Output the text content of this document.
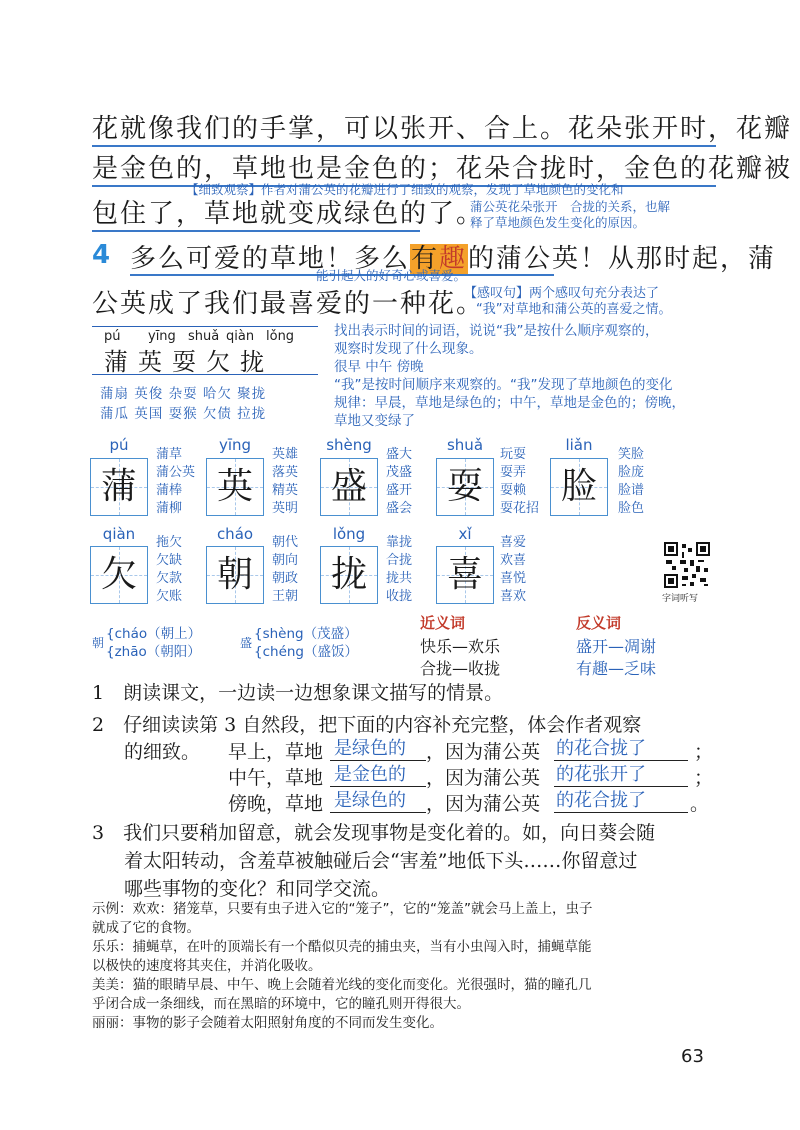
花就像我们的手掌，可以张开、合上。花朵张开时，花瓣
是金色的，草地也是金色的；花朵合拢时，金色的花瓣被
包住了，草地就变成绿色的了。
【细致观察】作者对蒲公英的花瓣进行了细致的观察，发现了草地颜色的变化和
蒲公英花朵张开　合拢的关系，也解
释了草地颜色发生变化的原因。
4 多么可爱的草地！多么有趣的蒲公英！从那时起，蒲
能引起人的好奇心或喜爱。
公英成了我们最喜爱的一种花。
【感叹句】两个感叹句充分表达了
“我”对草地和蒲公英的喜爱之情。
pú yīng shuǎ qiàn lǒng
蒲英耍欠拢
蒲扇 英俊 杂耍 哈欠 聚拢
蒲瓜 英国 耍猴 欠债 拉拢
找出表示时间的词语，说说“我”是按什么顺序观察的，
观察时发现了什么现象。
很早 中午 傍晚
“我”是按时间顺序来观察的。“我”发现了草地颜色的变化
规律：早晨，草地是绿色的；中午，草地是金色的；傍晚，
草地又变绿了
pú
蒲
蒲草
蒲公英
蒲棒
蒲柳
yīng
英
英雄
落英
精英
英明
shèng
盛
盛大
茂盛
盛开
盛会
shuǎ
耍
玩耍
耍弄
耍赖
耍花招
liǎn
脸
笑脸
脸庞
脸谱
脸色
qiàn
欠
拖欠
欠缺
欠款
欠账
cháo
朝
朝代
朝向
朝政
王朝
lǒng
拢
靠拢
合拢
拢共
收拢
xǐ
喜
喜爱
欢喜
喜悦
喜欢	字词听写
朝
{cháo（朝上）
{zhāo（朝阳）
盛
{shèng（茂盛）
{chéng（盛饭）
近义词
快乐—欢乐
合拢—收拢
反义词
盛开—凋谢
有趣—乏味
1　朗读课文，一边读一边想象课文描写的情景。
2　仔细读读第 3 自然段，把下面的内容补充完整，体会作者观察
的细致。 早上，草地 是绿色的 ，因为蒲公英 的花合拢了	；
中午，草地 是金色的 ，因为蒲公英 的花张开了	；
傍晚，草地 是绿色的 ，因为蒲公英 的花合拢了 。
3　我们只要稍加留意，就会发现事物是变化着的。如，向日葵会随
着太阳转动，含羞草被触碰后会“害羞”地低下头……你留意过
哪些事物的变化？和同学交流。
示例：欢欢：猪笼草，只要有虫子进入它的“笼子”，它的“笼盖”就会马上盖上，虫子
就成了它的食物。
乐乐：捕蝇草，在叶的顶端长有一个酷似贝壳的捕虫夹，当有小虫闯入时，捕蝇草能
以极快的速度将其夹住，并消化吸收。
美美：猫的眼睛早晨、中午、晚上会随着光线的变化而变化。光很强时，猫的瞳孔几
乎闭合成一条细线，而在黑暗的环境中，它的瞳孔则开得很大。
丽丽：事物的影子会随着太阳照射角度的不同而发生变化。
63
